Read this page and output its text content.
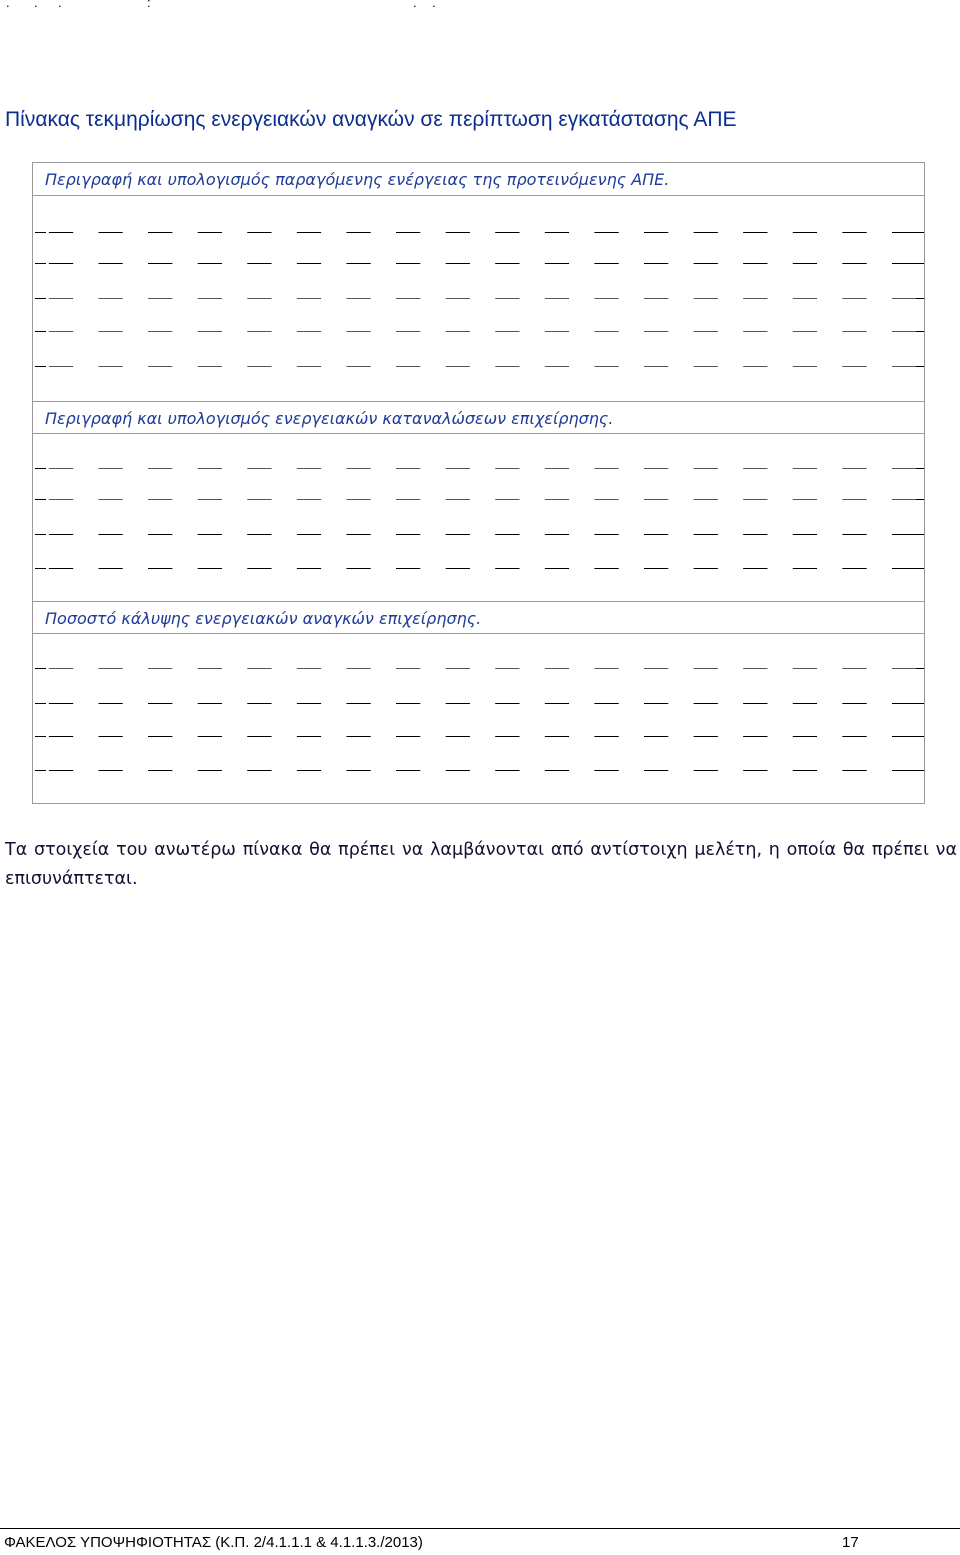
. . .	:	. .
Πίνακας τεκμηρίωσης ενεργειακών αναγκών σε περίπτωση εγκατάστασης ΑΠΕ
Περιγραφή και υπολογισμός παραγόμενης ενέργειας της προτεινόμενης ΑΠΕ.
Περιγραφή και υπολογισμός ενεργειακών καταναλώσεων επιχείρησης.
Ποσοστό κάλυψης ενεργειακών αναγκών επιχείρησης.
Τα στοιχεία του ανωτέρω πίνακα θα πρέπει να λαμβάνονται από αντίστοιχη μελέτη, η οποία θα πρέπει να επισυνάπτεται.
ΦΑΚΕΛΟΣ ΥΠΟΨΗΦΙΟΤΗΤΑΣ (Κ.Π. 2/4.1.1.1 & 4.1.1.3./2013)	17
